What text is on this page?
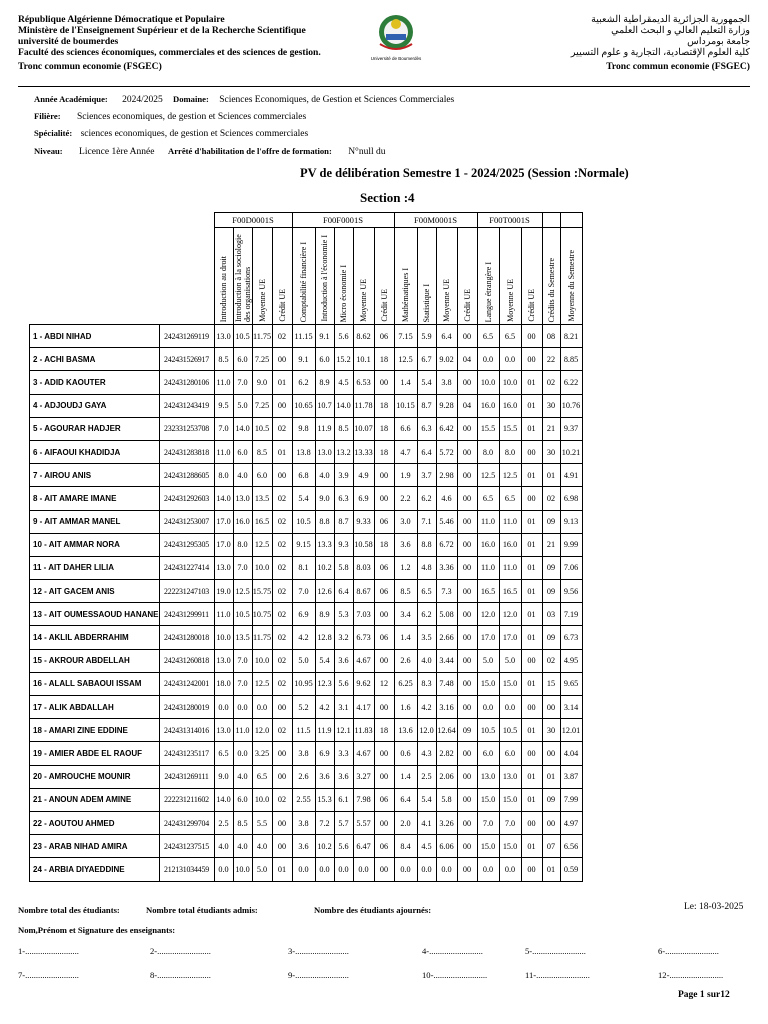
République Algérienne Démocratique et Populaire
Ministère de l'Enseignement Supérieur et de la Recherche Scientifique
université de boumerdes
Faculté des sciences économiques, commerciales et des sciences de gestion.
Tronc commun economie (FSGEC)
Université de Boumerdès
الجمهورية الجزائرية الديمقراطية الشعبية
وزارة التعليم العالي و البحث العلمي
جامعة بومرداس
كلية العلوم الإقتصادية، التجارية و علوم التسيير
Tronc commun economie (FSGEC)
Année Académique: 2024/2025 Domaine: Sciences Economiques, de Gestion et Sciences Commerciales
Filière: Sciences economiques, de gestion et Sciences commerciales
Spécialité: sciences economiques, de gestion et Sciences commerciales
Niveau: Licence 1ère Année Arrêté d'habilitation de l'offre de formation: N°null du
PV de délibération Semestre 1 - 2024/2025 (Session :Normale)
Section :4
		F00D0001S				F00F0001S					F00M0001S				F00T0001S				
		Introduction au droit	Introduction à la sociologie des organisations	Moyenne UE	Crédit UE	Comptabilité financière I	Introduction à l'économie I	Micro économie I	Moyenne UE	Crédit UE	Mathématiques I	Statistique I	Moyenne UE	Crédit UE	Langue étrangère I	Moyenne UE	Crédit UE	Crédits du Semestre	Moyenne du Semestre
1 - ABDI NIHAD	242431269119	13.0	10.5	11.75	02	11.15	9.1	5.6	8.62	06	7.15	5.9	6.4	00	6.5	6.5	00	08	8.21
2 - ACHI BASMA	242431526917	8.5	6.0	7.25	00	9.1	6.0	15.2	10.1	18	12.5	6.7	9.02	04	0.0	0.0	00	22	8.85
3 - ADID KAOUTER	242431280106	11.0	7.0	9.0	01	6.2	8.9	4.5	6.53	00	1.4	5.4	3.8	00	10.0	10.0	01	02	6.22
4 - ADJOUDJ GAYA	242431243419	9.5	5.0	7.25	00	10.65	10.7	14.0	11.78	18	10.15	8.7	9.28	04	16.0	16.0	01	30	10.76
5 - AGOURAR HADJER	232331253708	7.0	14.0	10.5	02	9.8	11.9	8.5	10.07	18	6.6	6.3	6.42	00	15.5	15.5	01	21	9.37
6 - AIFAOUI KHADIDJA	242431283818	11.0	6.0	8.5	01	13.8	13.0	13.2	13.33	18	4.7	6.4	5.72	00	8.0	8.0	00	30	10.21
7 - AIROU ANIS	242431288605	8.0	4.0	6.0	00	6.8	4.0	3.9	4.9	00	1.9	3.7	2.98	00	12.5	12.5	01	01	4.91
8 - AIT AMARE IMANE	242431292603	14.0	13.0	13.5	02	5.4	9.0	6.3	6.9	00	2.2	6.2	4.6	00	6.5	6.5	00	02	6.98
9 - AIT AMMAR MANEL	242431253007	17.0	16.0	16.5	02	10.5	8.8	8.7	9.33	06	3.0	7.1	5.46	00	11.0	11.0	01	09	9.13
10 - AIT AMMAR NORA	242431295305	17.0	8.0	12.5	02	9.15	13.3	9.3	10.58	18	3.6	8.8	6.72	00	16.0	16.0	01	21	9.99
11 - AIT DAHER LILIA	242431227414	13.0	7.0	10.0	02	8.1	10.2	5.8	8.03	06	1.2	4.8	3.36	00	11.0	11.0	01	09	7.06
12 - AIT GACEM ANIS	222231247103	19.0	12.5	15.75	02	7.0	12.6	6.4	8.67	06	8.5	6.5	7.3	00	16.5	16.5	01	09	9.56
13 - AIT OUMESSAOUD HANANE	242431299911	11.0	10.5	10.75	02	6.9	8.9	5.3	7.03	00	3.4	6.2	5.08	00	12.0	12.0	01	03	7.19
14 - AKLIL ABDERRAHIM	242431280018	10.0	13.5	11.75	02	4.2	12.8	3.2	6.73	06	1.4	3.5	2.66	00	17.0	17.0	01	09	6.73
15 - AKROUR ABDELLAH	242431260818	13.0	7.0	10.0	02	5.0	5.4	3.6	4.67	00	2.6	4.0	3.44	00	5.0	5.0	00	02	4.95
16 - ALALL SABAOUI ISSAM	242431242001	18.0	7.0	12.5	02	10.95	12.3	5.6	9.62	12	6.25	8.3	7.48	00	15.0	15.0	01	15	9.65
17 - ALIK ABDALLAH	242431280019	0.0	0.0	0.0	00	5.2	4.2	3.1	4.17	00	1.6	4.2	3.16	00	0.0	0.0	00	00	3.14
18 - AMARI ZINE EDDINE	242431314016	13.0	11.0	12.0	02	11.5	11.9	12.1	11.83	18	13.6	12.0	12.64	09	10.5	10.5	01	30	12.01
19 - AMIER ABDE EL RAOUF	242431235117	6.5	0.0	3.25	00	3.8	6.9	3.3	4.67	00	0.6	4.3	2.82	00	6.0	6.0	00	00	4.04
20 - AMROUCHE MOUNIR	242431269111	9.0	4.0	6.5	00	2.6	3.6	3.6	3.27	00	1.4	2.5	2.06	00	13.0	13.0	01	01	3.87
21 - ANOUN ADEM AMINE	222231211602	14.0	6.0	10.0	02	2.55	15.3	6.1	7.98	06	6.4	5.4	5.8	00	15.0	15.0	01	09	7.99
22 - AOUTOU AHMED	242431299704	2.5	8.5	5.5	00	3.8	7.2	5.7	5.57	00	2.0	4.1	3.26	00	7.0	7.0	00	00	4.97
23 - ARAB NIHAD AMIRA	242431237515	4.0	4.0	4.0	00	3.6	10.2	5.6	6.47	06	8.4	4.5	6.06	00	15.0	15.0	01	07	6.56
24 - ARBIA DIYAEDDINE	212131034459	0.0	10.0	5.0	01	0.0	0.0	0.0	0.0	00	0.0	0.0	0.0	00	0.0	0.0	00	01	0.59
Nombre total des étudiants:	Nombre total étudiants admis:	Nombre des étudiants ajournés:	Le: 18-03-2025
Nom,Prénom et Signature des enseignants:
1-.........................	2-.........................	3-.........................	4-.........................	5-.........................	6-.........................
7-.........................	8-.........................	9-.........................	10-.........................	11-.........................	12-.........................
Page 1 sur12
